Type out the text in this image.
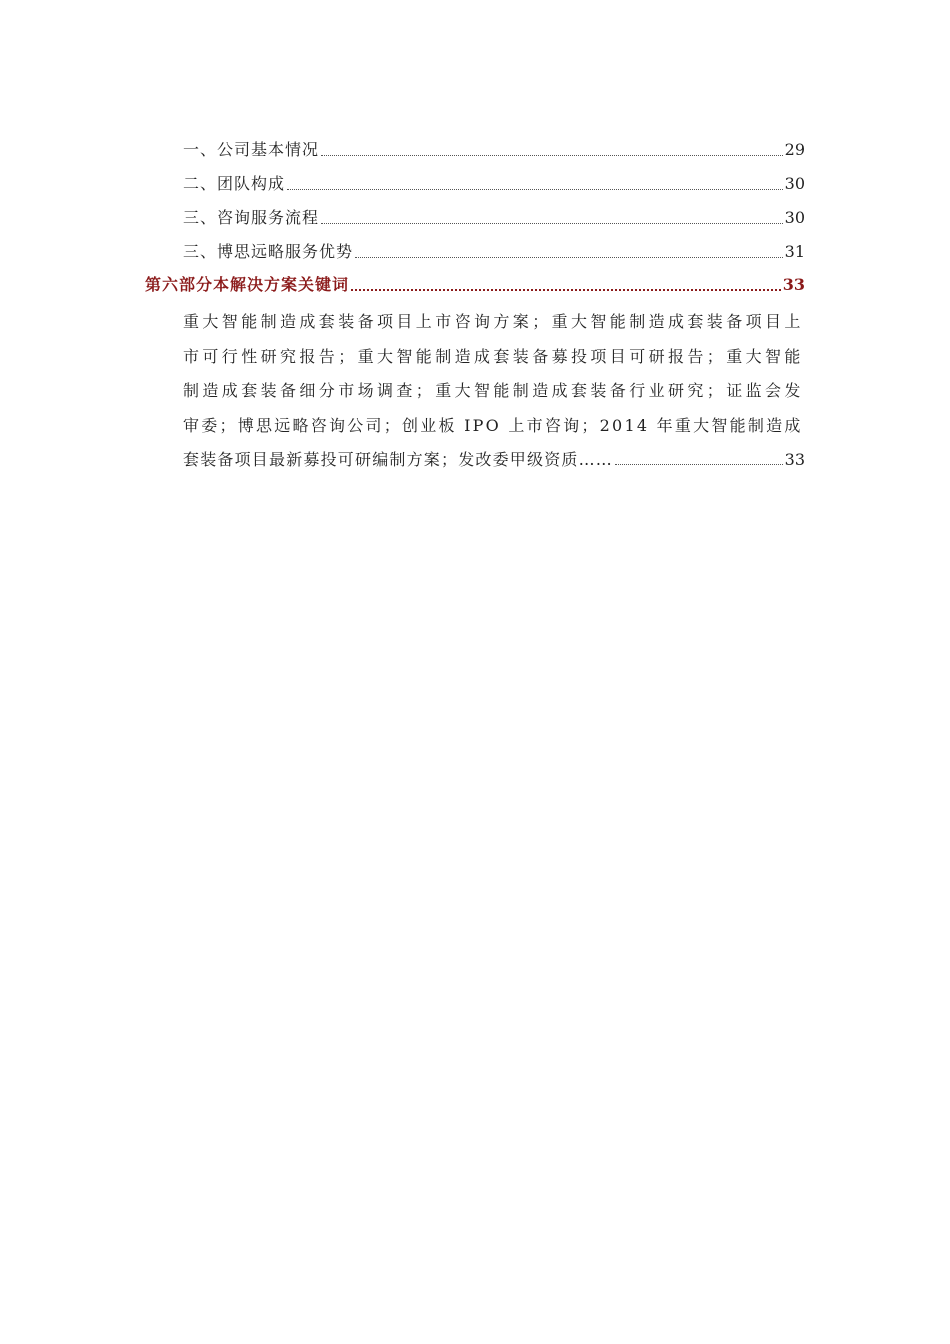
一、公司基本情况	29
二、团队构成	30
三、咨询服务流程	30
三、博思远略服务优势	31
第六部分本解决方案关键词	33
重大智能制造成套装备项目上市咨询方案；重大智能制造成套装备项目上
市可行性研究报告；重大智能制造成套装备募投项目可研报告；重大智能
制造成套装备细分市场调查；重大智能制造成套装备行业研究；证监会发
审委；博思远略咨询公司；创业板 IPO 上市咨询；2014 年重大智能制造成
套装备项目最新募投可研编制方案；发改委甲级资质……	33
